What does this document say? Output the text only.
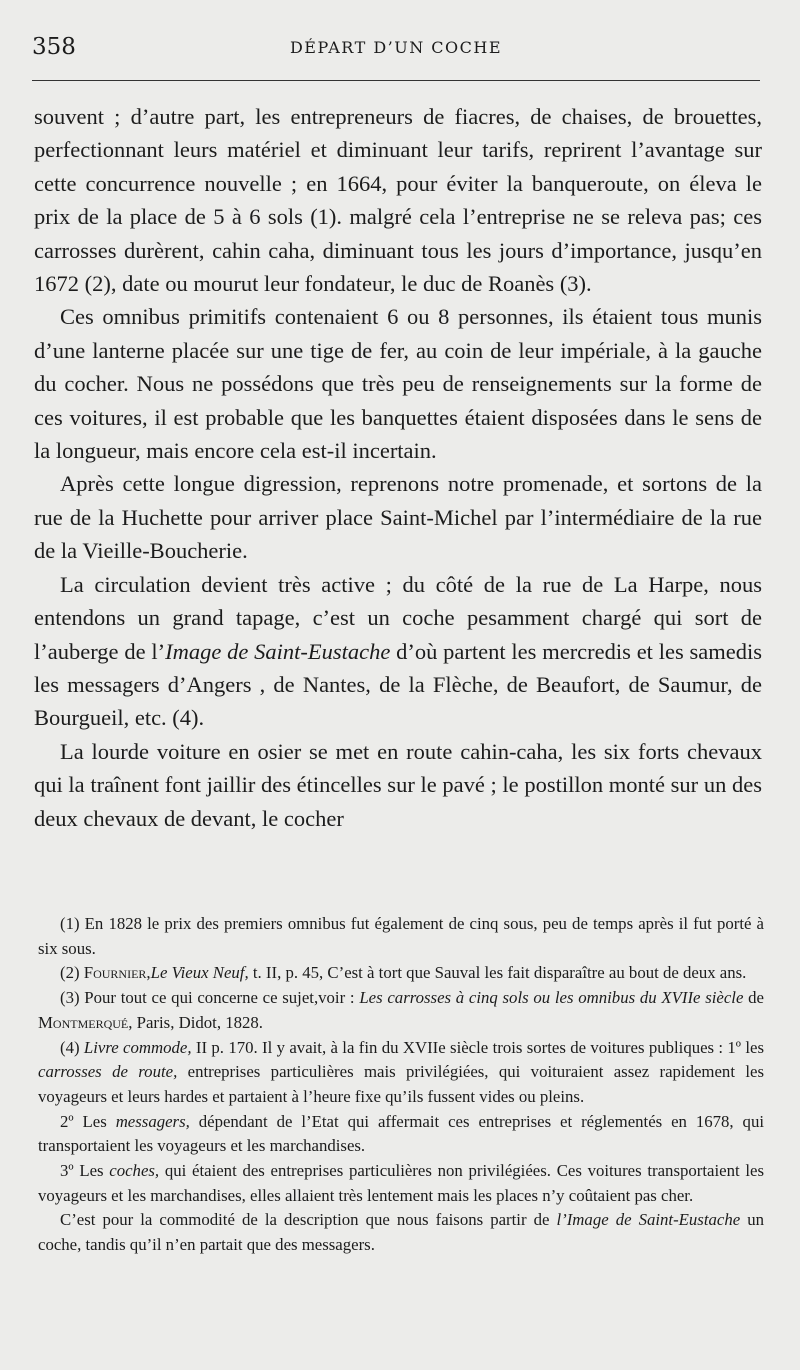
358	DÉPART D’UN COCHE

souvent ; d’autre part, les entrepreneurs de fiacres, de chaises, de brouettes, perfectionnant leurs matériel et diminuant leur tarifs, reprirent l’avantage sur cette concurrence nouvelle ; en 1664, pour éviter la banqueroute, on éleva le prix de la place de 5 à 6 sols (1). malgré cela l’entreprise ne se releva pas; ces carrosses durèrent, cahin caha, diminuant tous les jours d’importance, jusqu’en 1672 (2), date ou mourut leur fondateur, le duc de Roanès (3).

Ces omnibus primitifs contenaient 6 ou 8 personnes, ils étaient tous munis d’une lanterne placée sur une tige de fer, au coin de leur impériale, à la gauche du cocher. Nous ne possédons que très peu de renseignements sur la forme de ces voitures, il est probable que les banquettes étaient disposées dans le sens de la longueur, mais encore cela est-il incertain.

Après cette longue digression, reprenons notre promenade, et sortons de la rue de la Huchette pour arriver place Saint-Michel par l’intermédiaire de la rue de la Vieille-Boucherie.

La circulation devient très active ; du côté de la rue de La Harpe, nous entendons un grand tapage, c’est un coche pesamment chargé qui sort de l’auberge de l’Image de Saint-Eustache d’où partent les mercredis et les samedis les messagers d’Angers , de Nantes, de la Flèche, de Beaufort, de Saumur, de Bourgueil, etc. (4).

La lourde voiture en osier se met en route cahin-caha, les six forts chevaux qui la traînent font jaillir des étincelles sur le pavé ; le postillon monté sur un des deux chevaux de devant, le cocher

(1) En 1828 le prix des premiers omnibus fut également de cinq sous, peu de temps après il fut porté à six sous.

(2) Fournier,Le Vieux Neuf, t. II, p. 45, C’est à tort que Sauval les fait disparaître au bout de deux ans.

(3) Pour tout ce qui concerne ce sujet,voir : Les carrosses à cinq sols ou les omnibus du XVIIe siècle de Montmerqué, Paris, Didot, 1828.

(4) Livre commode, II p. 170. Il y avait, à la fin du XVIIe siècle trois sortes de voitures publiques : 1º les carrosses de route, entreprises particulières mais privilégiées, qui voituraient assez rapidement les voyageurs et leurs hardes et partaient à l’heure fixe qu’ils fussent vides ou pleins.

2º Les messagers, dépendant de l’Etat qui affermait ces entreprises et réglementés en 1678, qui transportaient les voyageurs et les marchandises.

3º Les coches, qui étaient des entreprises particulières non privilégiées. Ces voitures transportaient les voyageurs et les marchandises, elles allaient très lentement mais les places n’y coûtaient pas cher.

C’est pour la commodité de la description que nous faisons partir de l’Image de Saint-Eustache un coche, tandis qu’il n’en partait que des messagers.
